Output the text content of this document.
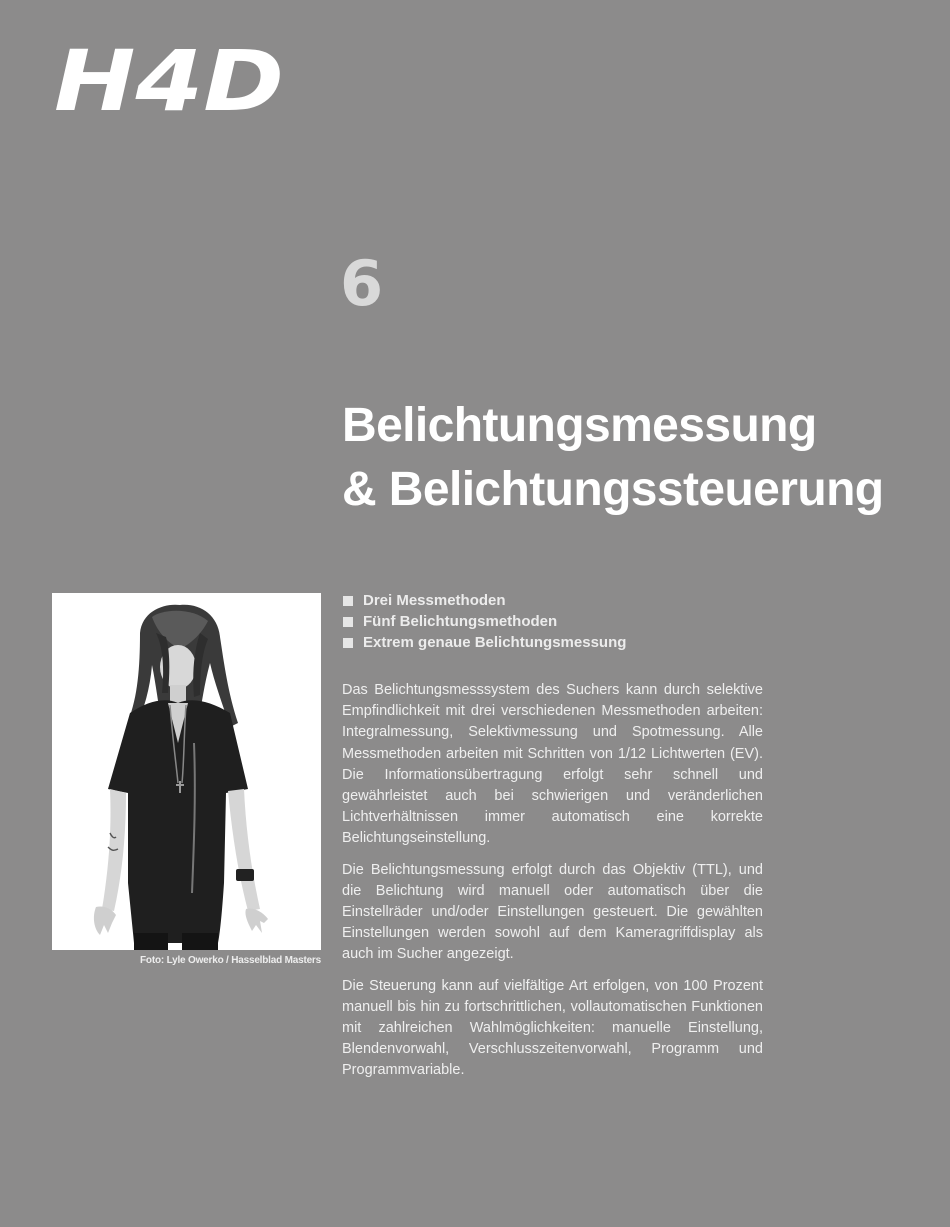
H4D
6
Belichtungsmessung
& Belichtungssteuerung
Foto: Lyle Owerko / Hasselblad Masters
Drei Messmethoden
Fünf Belichtungsmethoden
Extrem genaue Belichtungsmessung

Das Belichtungsmesssystem des Suchers kann durch selektive Empfindlichkeit mit drei verschiedenen Messmethoden arbeiten: Integralmessung, Selektivmessung und Spotmessung. Alle Messmethoden arbeiten mit Schritten von 1/12 Lichtwerten (EV). Die Informationsübertragung erfolgt sehr schnell und gewährleistet auch bei schwierigen und veränderlichen Lichtverhältnissen immer automatisch eine korrekte Belichtungseinstellung.

Die Belichtungsmessung erfolgt durch das Objektiv (TTL), und die Belichtung wird manuell oder automatisch über die Einstellräder und/oder Einstellungen gesteuert. Die gewählten Einstellungen werden sowohl auf dem Kameragriffdisplay als auch im Sucher angezeigt.

Die Steuerung kann auf vielfältige Art erfolgen, von 100 Prozent manuell bis hin zu fortschrittlichen, vollautomatischen Funktionen mit zahlreichen Wahlmöglichkeiten: manuelle Einstellung, Blendenvorwahl, Verschlusszeitenvorwahl, Programm und Programmvariable.
